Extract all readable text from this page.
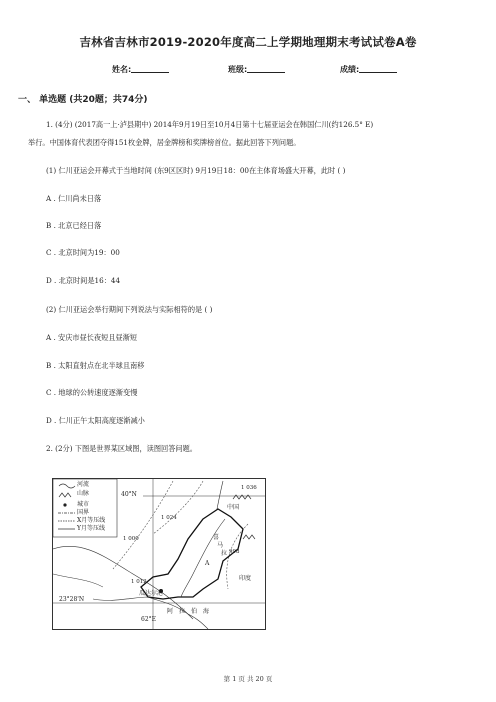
吉林省吉林市2019-2020年度高二上学期地理期末考试试卷A卷
姓名:	班级:	成绩:
一、 单选题 (共20题；共74分)
1. (4分) (2017高一上·泸县期中) 2014年9月19日至10月4日第十七届亚运会在韩国仁川(约126.5° E)
举行。中国体育代表团夺得151枚金牌，居金牌榜和奖牌榜首位。据此回答下列问题。
(1) 仁川亚运会开幕式于当地时间 (东9区区时) 9月19日18：00在主体育场盛大开幕，此时 ( )
A . 仁川尚未日落
B . 北京已经日落
C . 北京时间为19：00
D . 北京时间是16：44
(2) 仁川亚运会举行期间下列说法与实际相符的是 ( )
A . 安庆市昼长夜短且昼渐短
B . 太阳直射点在北半球且南移
C . 地球的公转速度逐渐变慢
D . 仁川正午太阳高度逐渐减小
2. (2分) 下图是世界某区域图，读图回答问题。
河流
山脉
城市
国界
X月等压线
Y月等压线
40°N
23°28'N
62°E
中国
印度
瓜达尔港
阿 拉 伯 海
1 036
1 024
1 000
1 012
998
A
喜
马
拉
第 1 页 共 20 页
